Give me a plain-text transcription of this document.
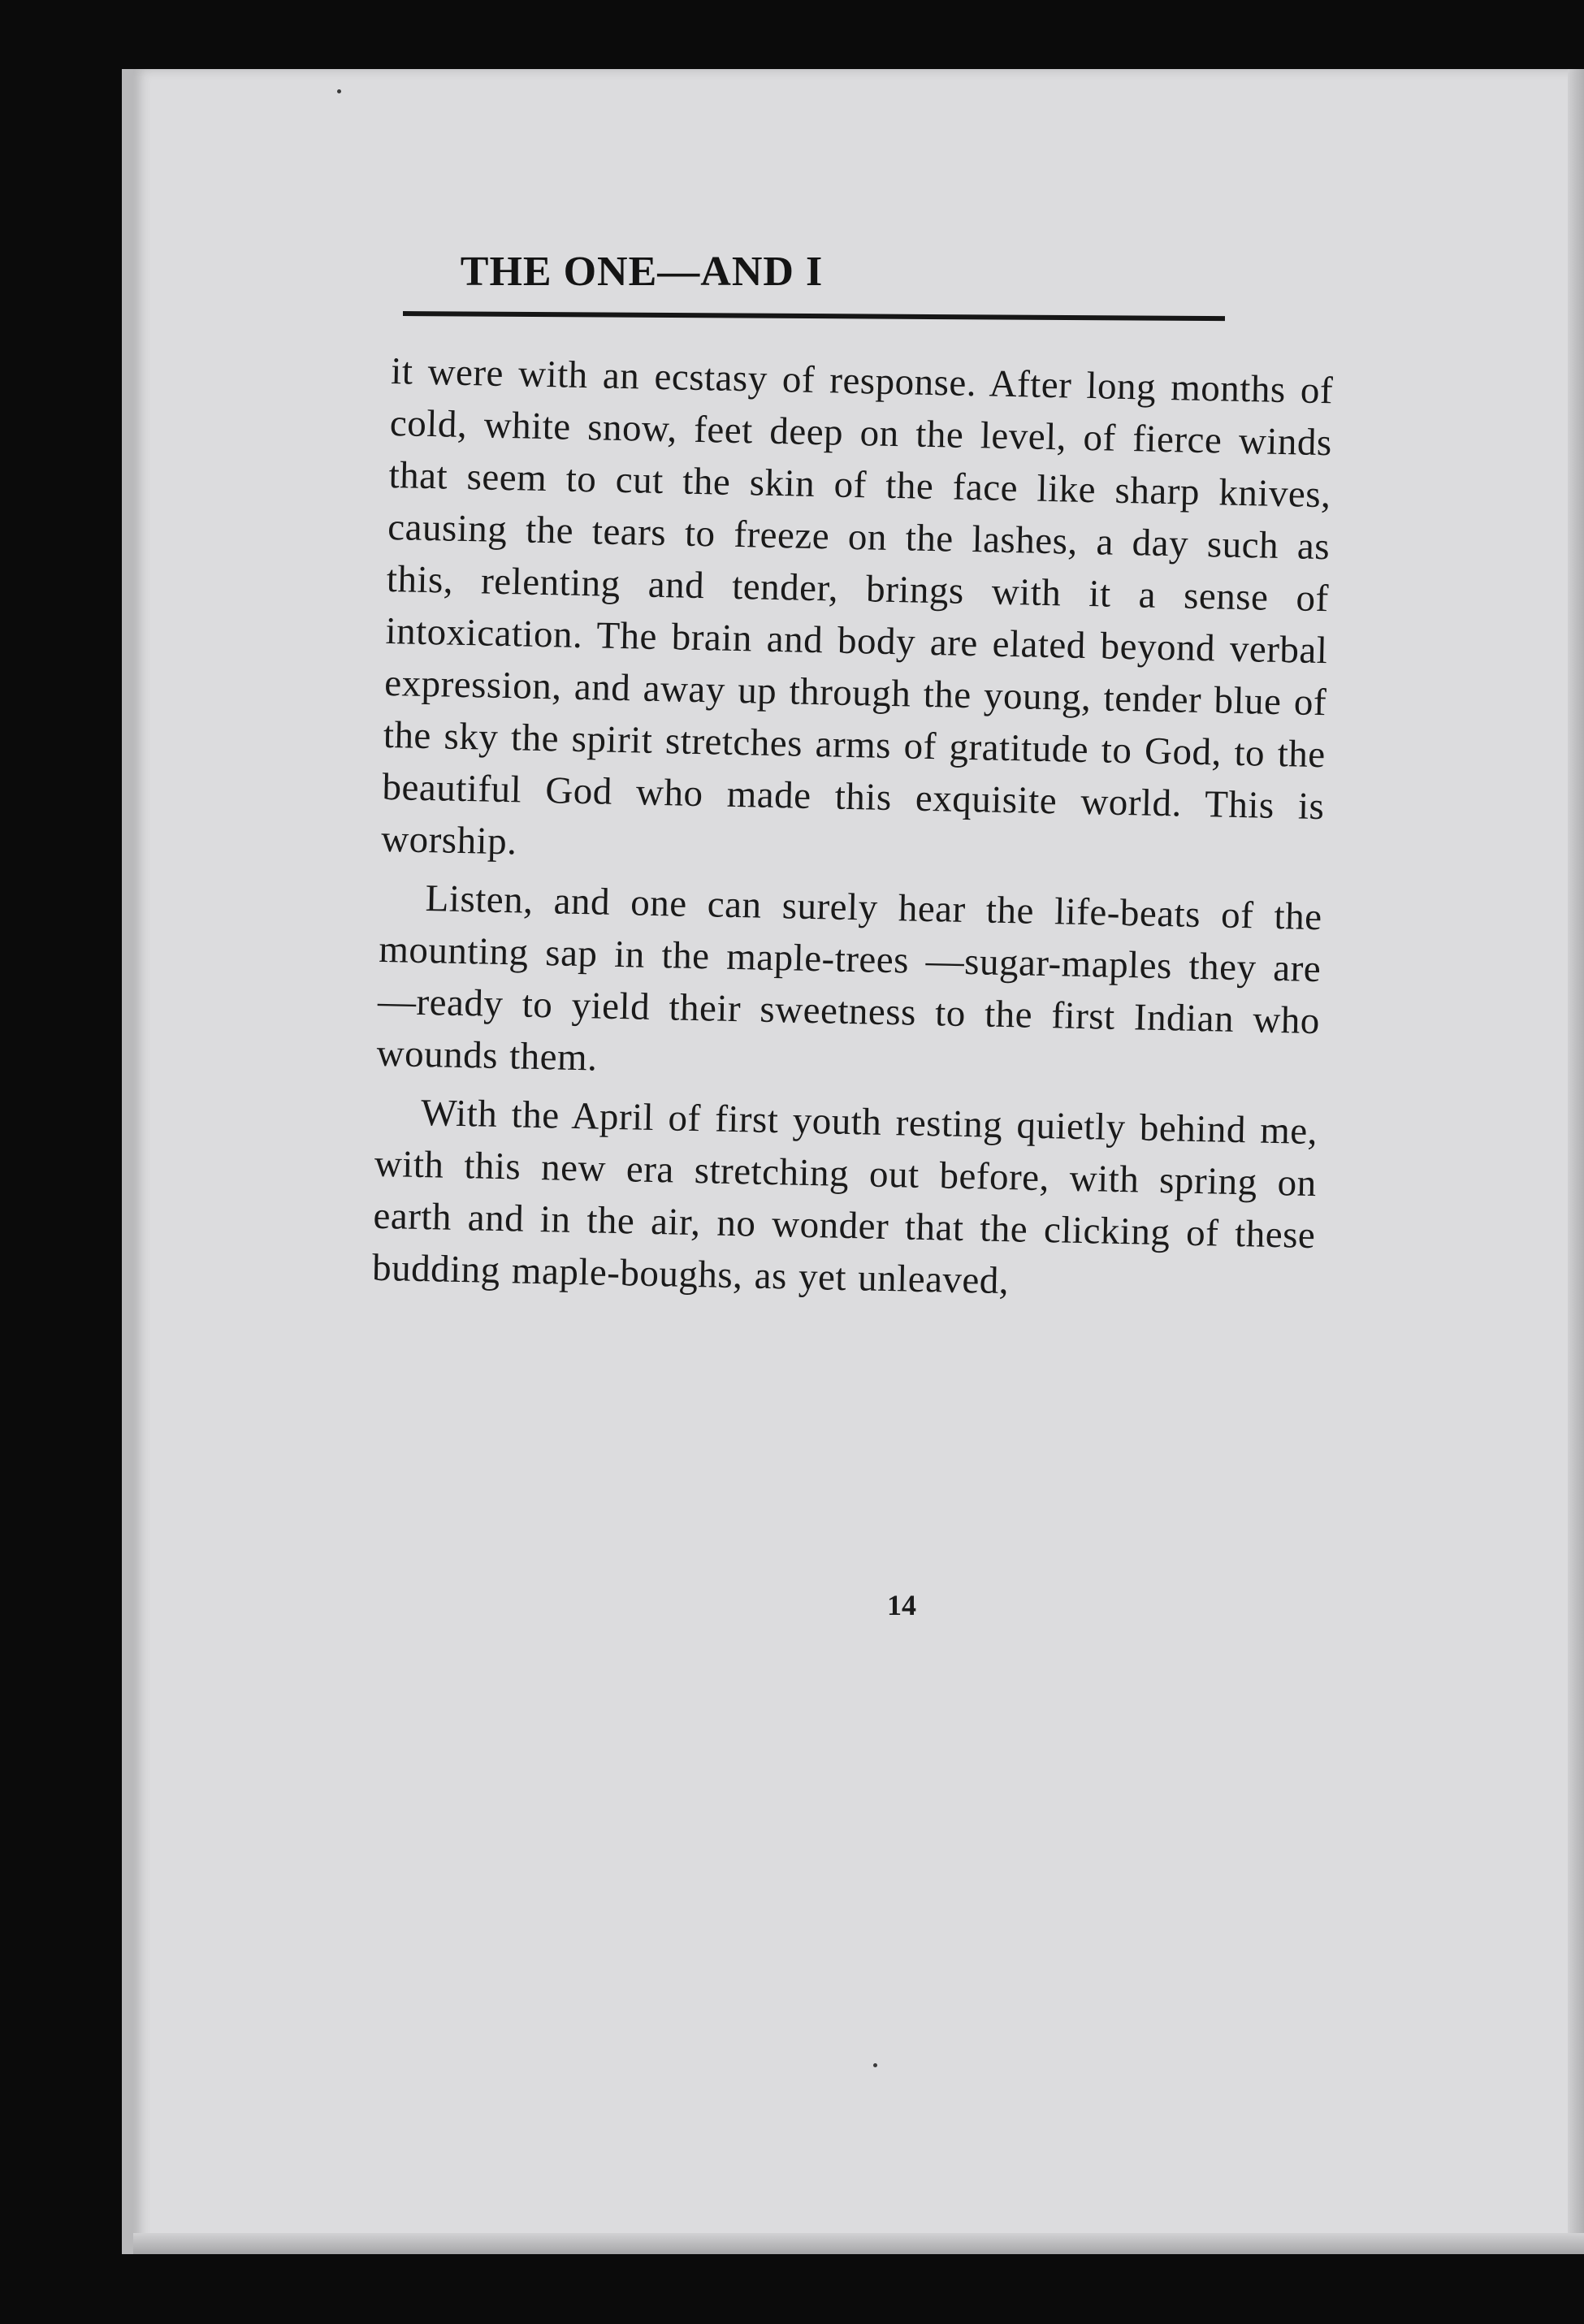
THE ONE—AND I

it were with an ecstasy of response. After long months of cold, white snow, feet deep on the level, of fierce winds that seem to cut the skin of the face like sharp knives, causing the tears to freeze on the lashes, a day such as this, relenting and tender, brings with it a sense of intoxication. The brain and body are elated beyond verbal expression, and away up through the young, tender blue of the sky the spirit stretches arms of gratitude to God, to the beautiful God who made this exquisite world. This is worship.

Listen, and one can surely hear the life-beats of the mounting sap in the maple-trees —sugar-maples they are—ready to yield their sweetness to the first Indian who wounds them.

With the April of first youth resting quietly behind me, with this new era stretching out before, with spring on earth and in the air, no wonder that the clicking of these budding maple-boughs, as yet unleaved,

14
